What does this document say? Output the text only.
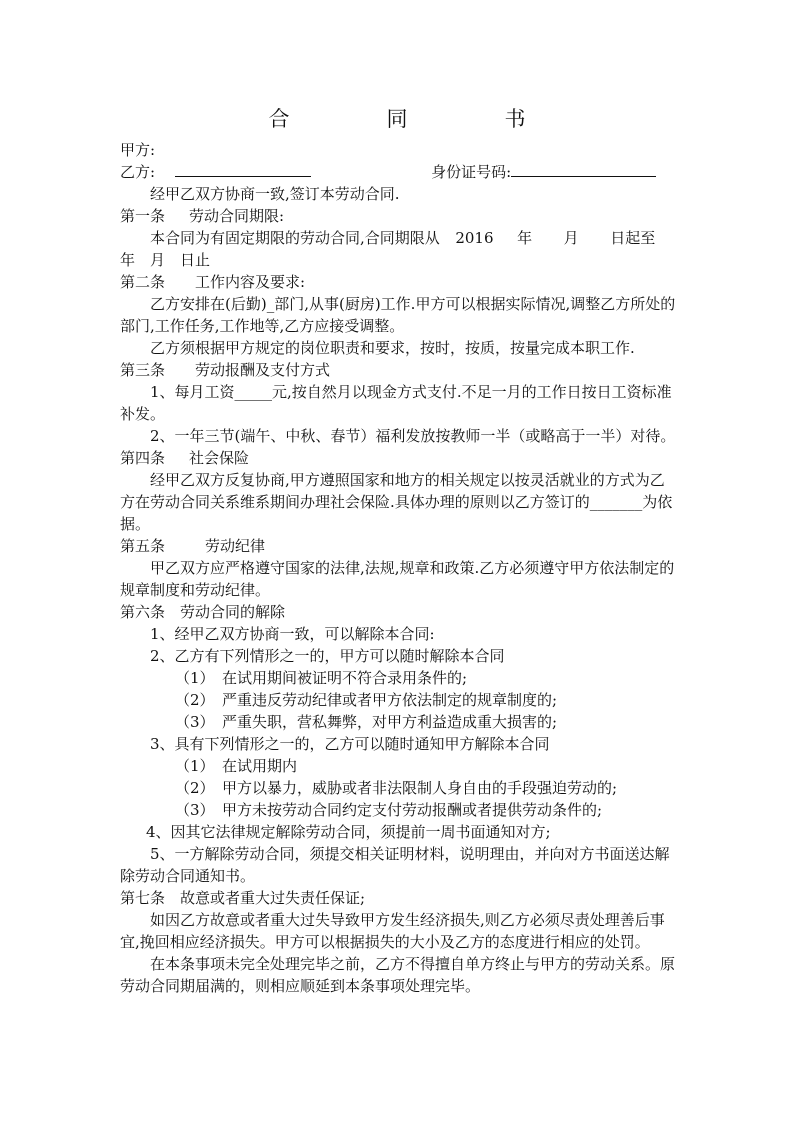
合　同　书
甲方:
乙方:	身份证号码:
经甲乙双方协商一致,签订本劳动合同.
第一条 劳动合同期限:
本合同为有固定期限的劳动合同,合同期限从 2016 年 月 日起至
年　月　日止
第二条 工作内容及要求:
乙方安排在(后勤)_部门,从事(厨房)工作.甲方可以根据实际情况,调整乙方所处的部门,工作任务,工作地等,乙方应接受调整。
乙方须根据甲方规定的岗位职责和要求，按时，按质，按量完成本职工作.
第三条 劳动报酬及支付方式
1、每月工资_____元,按自然月以现金方式支付.不足一月的工作日按日工资标准补发。
2、一年三节(端午、中秋、春节）福利发放按教师一半（或略高于一半）对待。
第四条 社会保险
经甲乙双方反复协商,甲方遵照国家和地方的相关规定以按灵活就业的方式为乙方在劳动合同关系维系期间办理社会保险.具体办理的原则以乙方签订的_______为依据。
第五条	劳动纪律
甲乙双方应严格遵守国家的法律,法规,规章和政策.乙方必须遵守甲方依法制定的规章制度和劳动纪律。
第六条　劳动合同的解除
1、经甲乙双方协商一致，可以解除本合同:
2、乙方有下列情形之一的，甲方可以随时解除本合同
（1）　在试用期间被证明不符合录用条件的;
（2）　严重违反劳动纪律或者甲方依法制定的规章制度的;
（3）　严重失职，营私舞弊，对甲方利益造成重大损害的;
3、具有下列情形之一的，乙方可以随时通知甲方解除本合同
（1）　在试用期内
（2）　甲方以暴力，威胁或者非法限制人身自由的手段强迫劳动的;
（3）　甲方未按劳动合同约定支付劳动报酬或者提供劳动条件的;
4、因其它法律规定解除劳动合同，须提前一周书面通知对方;
5、一方解除劳动合同，须提交相关证明材料，说明理由，并向对方书面送达解除劳动合同通知书。
第七条　故意或者重大过失责任保证;
如因乙方故意或者重大过失导致甲方发生经济损失,则乙方必须尽责处理善后事宜,挽回相应经济损失。甲方可以根据损失的大小及乙方的态度进行相应的处罚。
在本条事项未完全处理完毕之前，乙方不得擅自单方终止与甲方的劳动关系。原劳动合同期届满的，则相应顺延到本条事项处理完毕。
